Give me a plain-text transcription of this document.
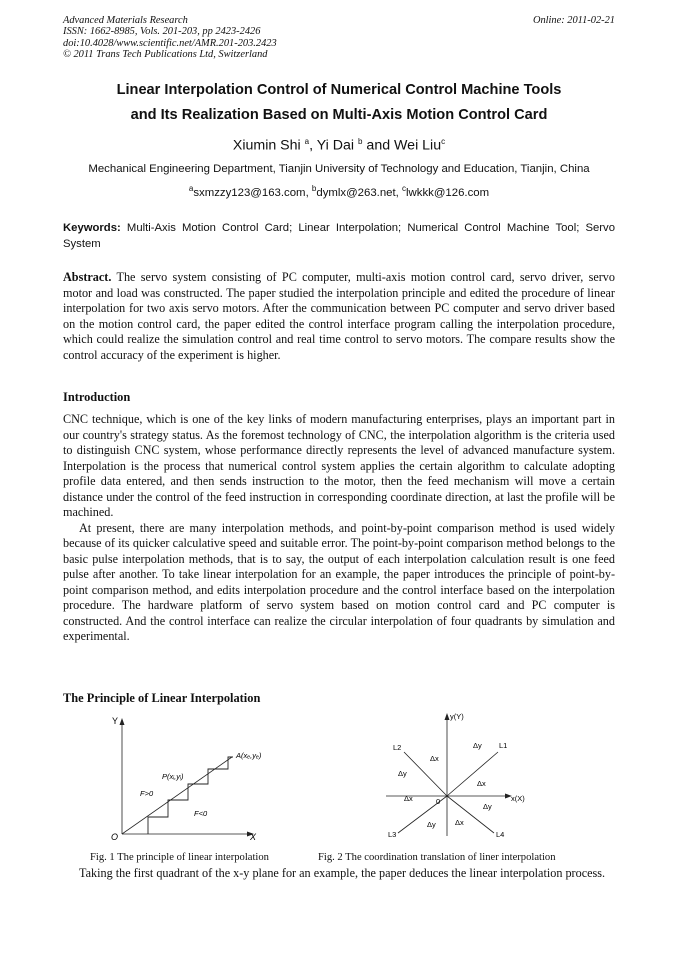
Advanced Materials Research
ISSN: 1662-8985, Vols. 201-203, pp 2423-2426
doi:10.4028/www.scientific.net/AMR.201-203.2423
© 2011 Trans Tech Publications Ltd, Switzerland
Online: 2011-02-21
Linear Interpolation Control of Numerical Control Machine Tools
and Its Realization Based on Multi-Axis Motion Control Card
Xiumin Shi $^a$, Yi Dai $^b$ and Wei Liu$^c$
Mechanical Engineering Department, Tianjin University of Technology and Education, Tianjin, China
$^a$sxmzzy123@163.com, $^b$dymlx@263.net, $^c$lwkkk@126.com
Keywords: Multi-Axis Motion Control Card; Linear Interpolation; Numerical Control Machine Tool; Servo System
Abstract. The servo system consisting of PC computer, multi-axis motion control card, servo driver, servo motor and load was constructed. The paper studied the interpolation principle and edited the procedure of linear interpolation for two axis servo motors. After the communication between PC computer and servo driver based on the motion control card, the paper edited the control interface program calling the interpolation procedure, which could realize the simulation control and real time control to servo motors. The compare results show the control accuracy of the experiment is higher.
Introduction

CNC technique, which is one of the key links of modern manufacturing enterprises, plays an important part in our country's strategy status. As the foremost technology of CNC, the interpolation algorithm is the criteria used to distinguish CNC system, whose performance directly represents the level of advanced manufacture system. Interpolation is the process that numerical control system applies the certain algorithm to calculate adopting profile data entered, and then sends instruction to the motor, then the feed mechanism will move a certain distance under the control of the feed instruction in corresponding coordinate direction, at last the profile will be machined.

At present, there are many interpolation methods, and point-by-point comparison method is used widely because of its quicker calculative speed and suitable error. The point-by-point comparison method belongs to the basic pulse interpolation methods, that is to say, the output of each interpolation calculation result is one feed pulse after another. To take linear interpolation for an example, the paper introduces the principle of point-by-point comparison method, and edits interpolation procedure and the control interface based on the interpolation procedure. The hardware platform of servo system based on motion control card and PC computer is constructed. And the control interface can realize the circular interpolation of four quadrants by simulation and experimental.

The Principle of Linear Interpolation
Y
X
O
A(xₑ,yₑ)
P(xᵢ,yᵢ)
F>0
F<0
y(Y)
x(X)
0
L1
L2
L3	L4
Δy
Δx
Δy
Δx
Δx
Δy
Δy	Δx
Fig. 1 The principle of linear interpolation	Fig. 2 The coordination translation of liner interpolation

Taking the first quadrant of the x-y plane for an example, the paper deduces the linear interpolation process.
